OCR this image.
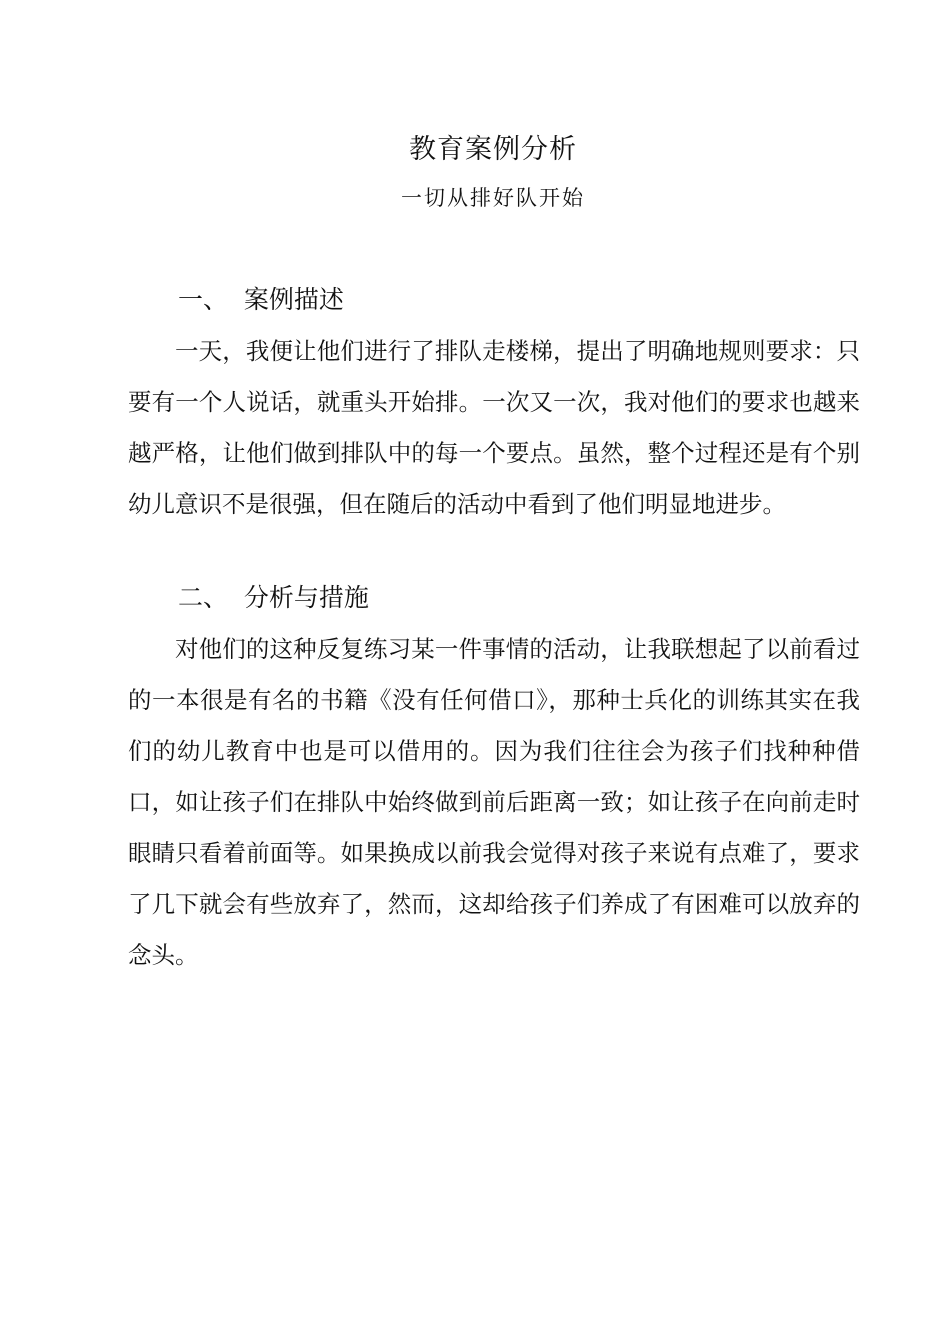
教育案例分析
一切从排好队开始
一、  案例描述
一天，我便让他们进行了排队走楼梯，提出了明确地规则要求：只要有一个人说话，就重头开始排。一次又一次，我对他们的要求也越来越严格，让他们做到排队中的每一个要点。虽然，整个过程还是有个别幼儿意识不是很强，但在随后的活动中看到了他们明显地进步。
二、  分析与措施
对他们的这种反复练习某一件事情的活动，让我联想起了以前看过的一本很是有名的书籍《没有任何借口》，那种士兵化的训练其实在我们的幼儿教育中也是可以借用的。因为我们往往会为孩子们找种种借口，如让孩子们在排队中始终做到前后距离一致；如让孩子在向前走时眼睛只看着前面等。如果换成以前我会觉得对孩子来说有点难了，要求了几下就会有些放弃了，然而，这却给孩子们养成了有困难可以放弃的念头。
